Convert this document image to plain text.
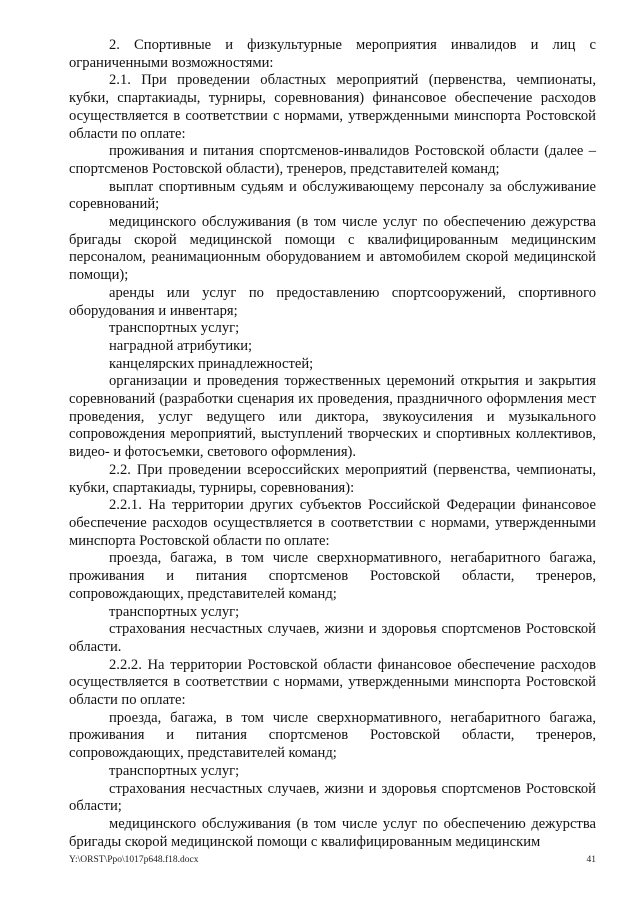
2. Спортивные и физкультурные мероприятия инвалидов и лиц с ограниченными возможностями:

2.1. При проведении областных мероприятий (первенства, чемпионаты, кубки, спартакиады, турниры, соревнования) финансовое обеспечение расходов осуществляется в соответствии с нормами, утвержденными минспорта Ростовской области по оплате:

проживания и питания спортсменов-инвалидов Ростовской области (далее – спортсменов Ростовской области), тренеров, представителей команд;

выплат спортивным судьям и обслуживающему персоналу за обслуживание соревнований;

медицинского обслуживания (в том числе услуг по обеспечению дежурства бригады скорой медицинской помощи с квалифицированным медицинским персоналом, реанимационным оборудованием и автомобилем скорой медицинской помощи);

аренды или услуг по предоставлению спортсооружений, спортивного оборудования и инвентаря;

транспортных услуг;

наградной атрибутики;

канцелярских принадлежностей;

организации и проведения торжественных церемоний открытия и закрытия соревнований (разработки сценария их проведения, праздничного оформления мест проведения, услуг ведущего или диктора, звукоусиления и музыкального сопровождения мероприятий, выступлений творческих и спортивных коллективов, видео- и фотосъемки, светового оформления).

2.2. При проведении всероссийских мероприятий (первенства, чемпионаты, кубки, спартакиады, турниры, соревнования):

2.2.1. На территории других субъектов Российской Федерации финансовое обеспечение расходов осуществляется в соответствии с нормами, утвержденными минспорта Ростовской области по оплате:

проезда, багажа, в том числе сверхнормативного, негабаритного багажа, проживания и питания спортсменов Ростовской области, тренеров, сопровождающих, представителей команд;

транспортных услуг;

страхования несчастных случаев, жизни и здоровья спортсменов Ростовской области.

2.2.2. На территории Ростовской области финансовое обеспечение расходов осуществляется в соответствии с нормами, утвержденными минспорта Ростовской области по оплате:

проезда, багажа, в том числе сверхнормативного, негабаритного багажа, проживания и питания спортсменов Ростовской области, тренеров, сопровождающих, представителей команд;

транспортных услуг;

страхования несчастных случаев, жизни и здоровья спортсменов Ростовской области;

медицинского обслуживания (в том числе услуг по обеспечению дежурства бригады скорой медицинской помощи с квалифицированным медицинским

Y:\ORST\Ppo\1017p648.f18.docx	41
